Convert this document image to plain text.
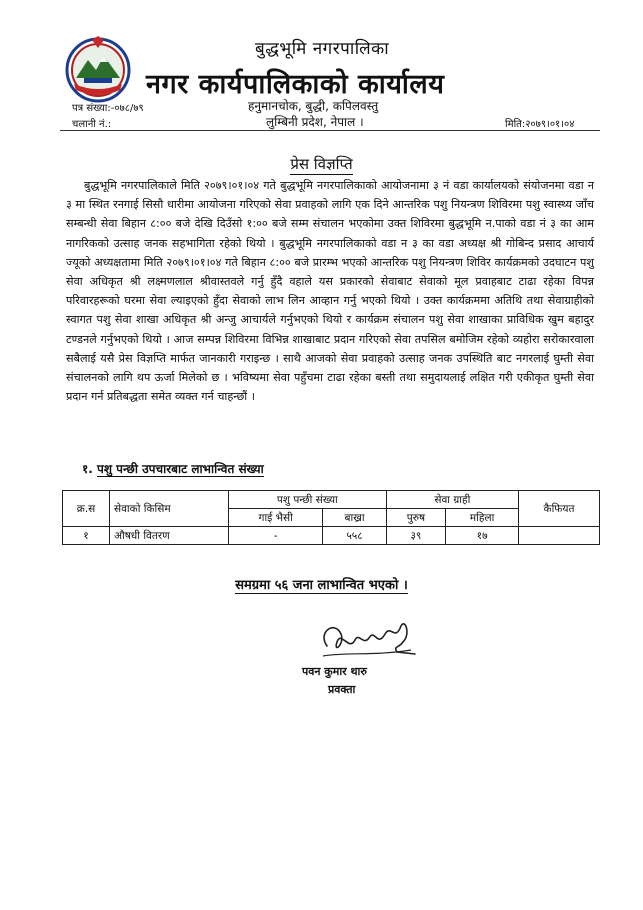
बुद्धभूमि नगरपालिका
नगर कार्यपालिकाको कार्यालय
हनुमानचोक, बुद्धी, कपिलवस्तु
लुम्बिनी प्रदेश, नेपाल ।
पत्र संख्या:-०७८/७९
चलानी नं.:	मिति:२०७९।०१।०४
प्रेस विज्ञप्ति
बुद्धभूमि नगरपालिकाले मिति २०७९।०१।०४ गते बुद्धभूमि नगरपालिकाको आयोजनामा ३ नं वडा कार्यालयको संयोजनमा वडा न ३ मा स्थित रनगाई सिसौ धारीमा आयोजना गरिएको सेवा प्रवाहको लागि एक दिने आन्तरिक पशु नियन्त्रण शिविरमा पशु स्वास्थ्य जाँच सम्बन्धी सेवा बिहान ८:०० बजे देखि दिउँसो १:०० बजे सम्म संचालन भएकोमा उक्त शिविरमा बुद्धभूमि न.पाको वडा नं ३ का आम नागरिकको उत्साह जनक सहभागिता रहेको थियो । बुद्धभूमि नगरपालिकाको वडा न ३ का वडा अध्यक्ष श्री गोबिन्द प्रसाद आचार्य ज्यूको अध्यक्षतामा मिति २०७९।०१।०४ गते बिहान ८:०० बजे प्रारम्भ भएको आन्तरिक पशु नियन्त्रण शिविर कार्यक्रमको उदघाटन पशु सेवा अधिकृत श्री लक्ष्मणलाल श्रीवास्तवले गर्नु हुँदै वहाले यस प्रकारको सेवाबाट सेवाको मूल प्रवाहबाट टाढा रहेका विपन्न परिवारहरूको घरमा सेवा ल्याइएको हुँदा सेवाको लाभ लिन आव्हान गर्नु भएको थियो । उक्त कार्यक्रममा अतिथि तथा सेवाग्राहीको स्वागत पशु सेवा शाखा अधिकृत श्री अन्जु आचार्यले गर्नुभएको थियो र कार्यक्रम संचालन पशु सेवा शाखाका प्राविधिक खुम बहादुर टण्डनले गर्नुभएको थियो । आज सम्पन्न शिविरमा विभिन्न शाखाबाट प्रदान गरिएको सेवा तपसिल बमोजिम रहेको व्यहोरा सरोकारवाला सबैलाई यसै प्रेस विज्ञप्ति मार्फत जानकारी गराइन्छ । साथै आजको सेवा प्रवाहको उत्साह जनक उपस्थिति बाट नगरलाई घुम्ती सेवा संचालनको लागि थप ऊर्जा मिलेको छ । भविष्यमा सेवा पहुँचमा टाढा रहेका बस्ती तथा समुदायलाई लक्षित गरी एकीकृत घुम्ती सेवा प्रदान गर्न प्रतिबद्धता समेत व्यक्त गर्न चाहन्छौं ।
१. पशु पन्छी उपचारबाट लाभान्वित संख्या
क्र.स	सेवाको किसिम	पशु पन्छी संख्या		सेवा ग्राही		कैफियत
		गाई भैसी	बाख्रा	पुरुष	महिला	
१	औषधी वितरण	-	५५८	३९	१७	
समग्रमा ५६ जना लाभान्वित भएको ।
पवन कुमार थारु
प्रवक्ता
